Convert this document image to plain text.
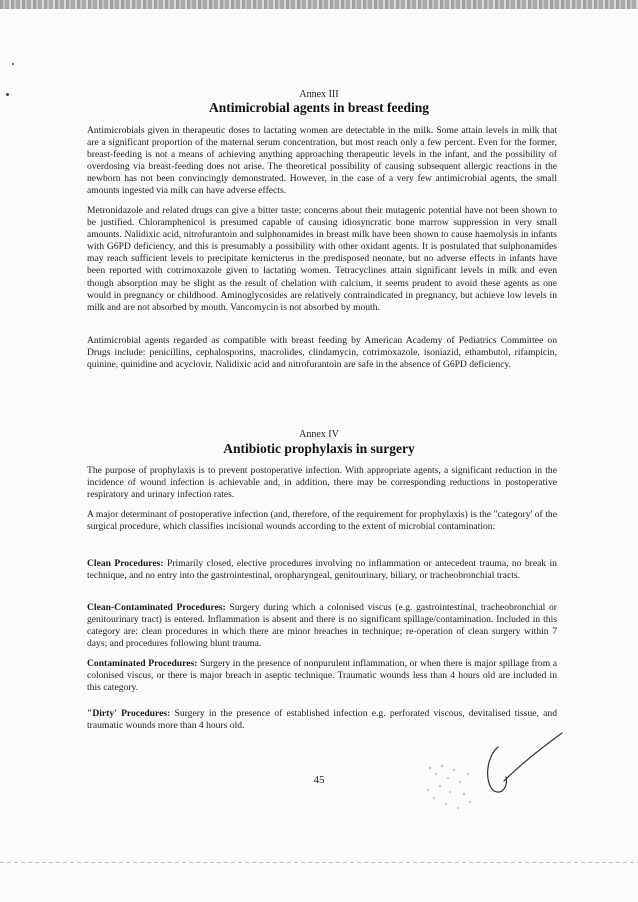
Annex III
Antimicrobial agents in breast feeding

Antimicrobials given in therapeutic doses to lactating women are detectable in the milk. Some attain levels in milk that are a significant proportion of the maternal serum concentration, but most reach only a few percent. Even for the former, breast-feeding is not a means of achieving anything approaching therapeutic levels in the infant, and the possibility of overdosing via breast-feeding does not arise. The theoretical possibility of causing subsequent allergic reactions in the newborn has not been convincingly demonstrated. However, in the case of a very few antimicrobial agents, the small amounts ingested via milk can have adverse effects.

Metronidazole and related drugs can give a bitter taste; concerns about their mutagenic potential have not been shown to be justified. Chloramphenicol is presumed capable of causing idiosyncratic bone marrow suppression in very small amounts. Nalidixic acid, nitrofurantoin and sulphonamides in breast milk have been shown to cause haemolysis in infants with G6PD deficiency, and this is presumably a possibility with other oxidant agents. It is postulated that sulphonamides may reach sufficient levels to precipitate kernicterus in the predisposed neonate, but no adverse effects in infants have been reported with cotrimoxazole given to lactating women. Tetracyclines attain significant levels in milk and even though absorption may be slight as the result of chelation with calcium, it seems prudent to avoid these agents as one would in pregnancy or childhood. Aminoglycosides are relatively contraindicated in pregnancy, but achieve low levels in milk and are not absorbed by mouth. Vancomycin is not absorbed by mouth.

Antimicrobial agents regarded as compatible with breast feeding by American Academy of Pediatrics Committee on Drugs include: penicillins, cephalosporins, macrolides, clindamycin, cotrimoxazole, isoniazid, ethambutol, rifampicin, quinine, quinidine and acyclovir. Nalidixic acid and nitrofurantoin are safe in the absence of G6PD deficiency.

Annex IV
Antibiotic prophylaxis in surgery

The purpose of prophylaxis is to prevent postoperative infection. With appropriate agents, a significant reduction in the incidence of wound infection is achievable and, in addition, there may be corresponding reductions in postoperative respiratory and urinary infection rates.

A major determinant of postoperative infection (and, therefore, of the requirement for prophylaxis) is the "category' of the surgical procedure, which classifies incisional wounds according to the extent of microbial contamination:

Clean Procedures: Primarily closed, elective procedures involving no inflammation or antecedent trauma, no break in technique, and no entry into the gastrointestinal, oropharyngeal, genitourinary, biliary, or tracheobronchial tracts.

Clean-Contaminated Procedures: Surgery during which a colonised viscus (e.g. gastrointestinal, tracheobronchial or genitourinary tract) is entered. Inflammation is absent and there is no significant spillage/contamination. Included in this category are: clean procedures in which there are minor breaches in technique; re-operation of clean surgery within 7 days; and procedures following blunt trauma.

Contaminated Procedures: Surgery in the presence of nonpurulent inflammation, or when there is major spillage from a colonised viscus, or there is major breach in aseptic technique. Traumatic wounds less than 4 hours old are included in this category.

"Dirty' Procedures: Surgery in the presence of established infection e.g. perforated viscous, devitalised tissue, and traumatic wounds more than 4 hours old.

45
